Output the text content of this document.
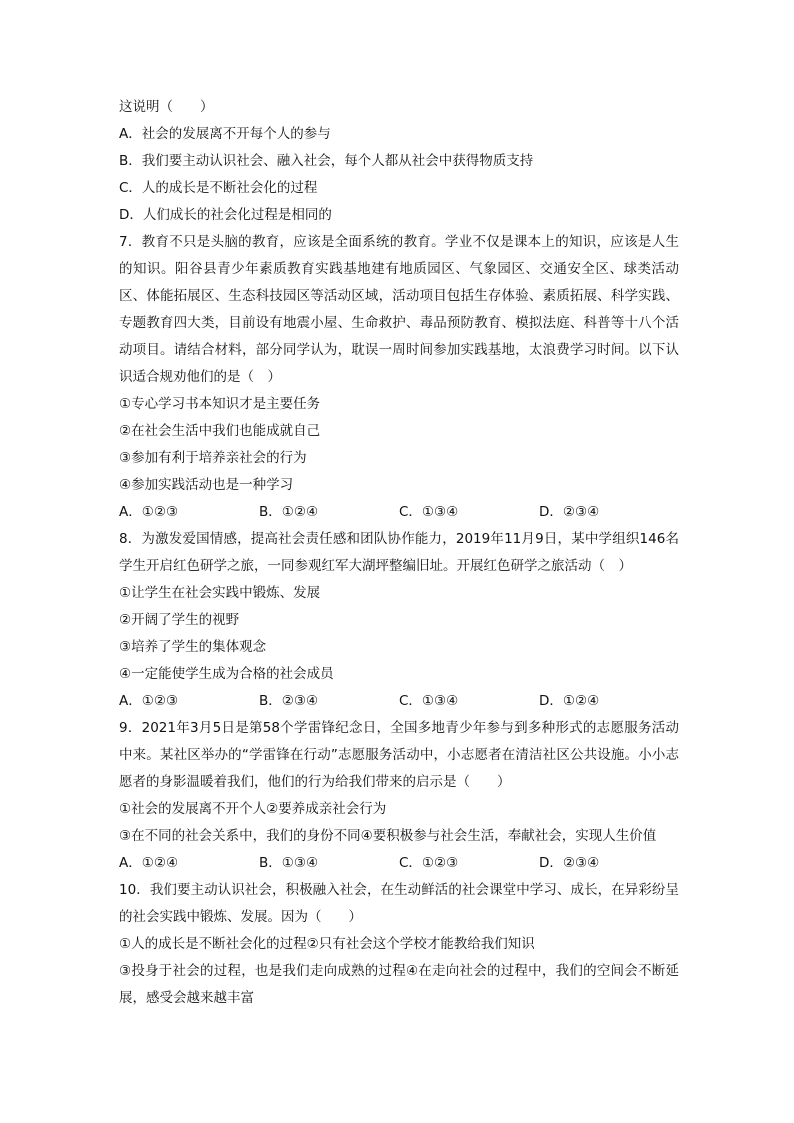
这说明（　　）
A．社会的发展离不开每个人的参与
B．我们要主动认识社会、融入社会，每个人都从社会中获得物质支持
C．人的成长是不断社会化的过程
D．人们成长的社会化过程是相同的
7．教育不只是头脑的教育，应该是全面系统的教育。学业不仅是课本上的知识，应该是人生的知识。阳谷县青少年素质教育实践基地建有地质园区、气象园区、交通安全区、球类活动区、体能拓展区、生态科技园区等活动区域，活动项目包括生存体验、素质拓展、科学实践、专题教育四大类，目前设有地震小屋、生命救护、毒品预防教育、模拟法庭、科普等十八个活动项目。请结合材料，部分同学认为，耽误一周时间参加实践基地，太浪费学习时间。以下认识适合规劝他们的是（　）
①专心学习书本知识才是主要任务
②在社会生活中我们也能成就自己
③参加有利于培养亲社会的行为
④参加实践活动也是一种学习
A．①②③	B．①②④	C．①③④	D．②③④
8．为激发爱国情感，提高社会责任感和团队协作能力，2019年11月9日，某中学组织146名学生开启红色研学之旅，一同参观红军大湖坪整编旧址。开展红色研学之旅活动（　）
①让学生在社会实践中锻炼、发展
②开阔了学生的视野
③培养了学生的集体观念
④一定能使学生成为合格的社会成员
A．①②③	B．②③④	C．①③④	D．①②④
9．2021年3月5日是第58个学雷锋纪念日，全国多地青少年参与到多种形式的志愿服务活动中来。某社区举办的“学雷锋在行动”志愿服务活动中，小志愿者在清洁社区公共设施。小小志愿者的身影温暖着我们，他们的行为给我们带来的启示是（　　）
①社会的发展离不开个人②要养成亲社会行为
③在不同的社会关系中，我们的身份不同④要积极参与社会生活，奉献社会，实现人生价值
A．①②④	B．①③④	C．①②③	D．②③④
10．我们要主动认识社会，积极融入社会，在生动鲜活的社会课堂中学习、成长，在异彩纷呈的社会实践中锻炼、发展。因为（　　）
①人的成长是不断社会化的过程②只有社会这个学校才能教给我们知识
③投身于社会的过程，也是我们走向成熟的过程④在走向社会的过程中，我们的空间会不断延展，感受会越来越丰富
